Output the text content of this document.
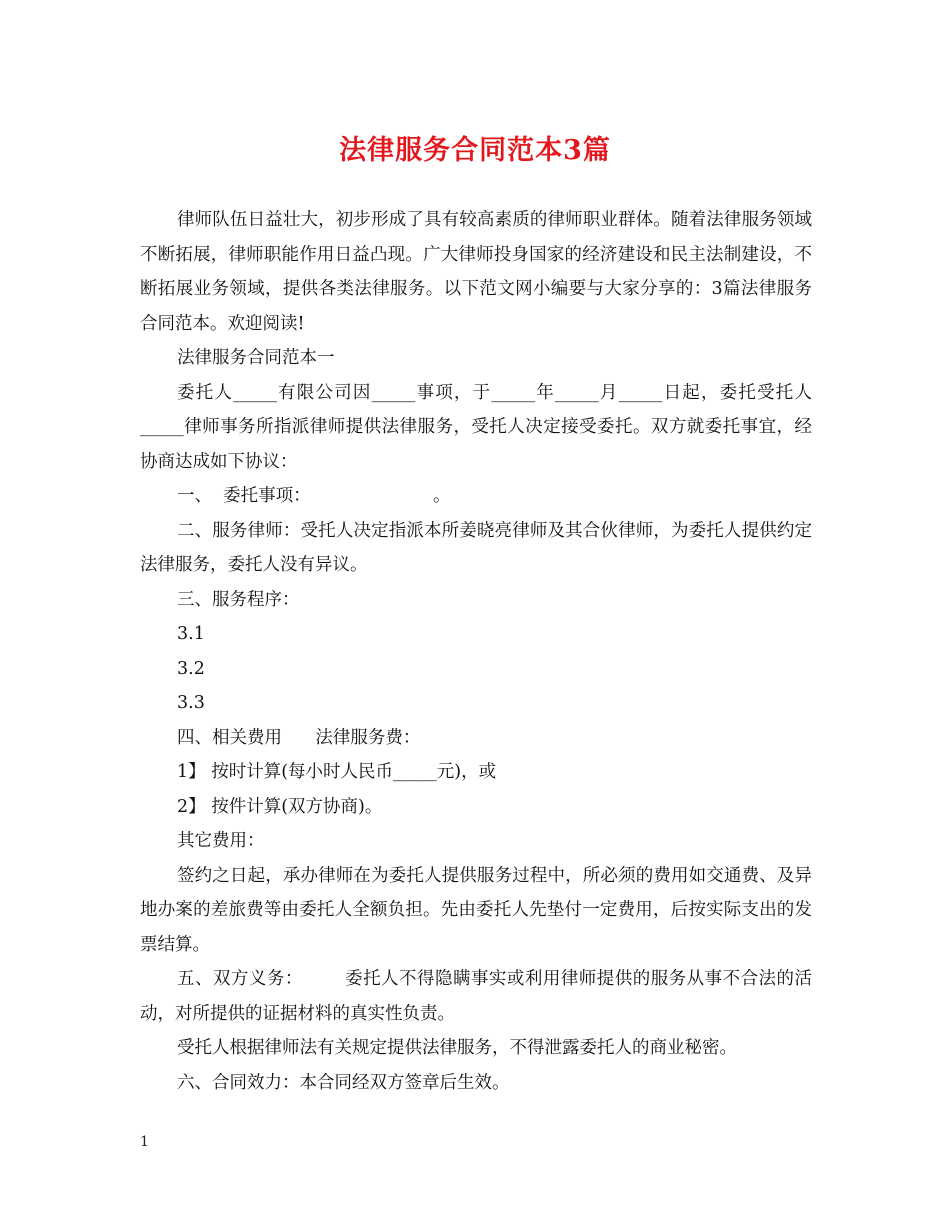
法律服务合同范本3篇

律师队伍日益壮大，初步形成了具有较高素质的律师职业群体。随着法律服务领域不断拓展，律师职能作用日益凸现。广大律师投身国家的经济建设和民主法制建设，不断拓展业务领域，提供各类法律服务。以下范文网小编要与大家分享的：3篇法律服务合同范本。欢迎阅读!

法律服务合同范本一

委托人_____有限公司因_____事项，于_____年_____月_____日起，委托受托人_____律师事务所指派律师提供法律服务，受托人决定接受委托。双方就委托事宜，经协商达成如下协议：

一、  委托事项：                      。

二、服务律师：受托人决定指派本所姜晓亮律师及其合伙律师，为委托人提供约定法律服务，委托人没有异议。

三、服务程序：

3.1

3.2

3.3

四、相关费用      法律服务费：

1】 按时计算(每小时人民币_____元)，或

2】 按件计算(双方协商)。

其它费用：

签约之日起，承办律师在为委托人提供服务过程中，所必须的费用如交通费、及异地办案的差旅费等由委托人全额负担。先由委托人先垫付一定费用，后按实际支出的发票结算。

五、双方义务：       委托人不得隐瞒事实或利用律师提供的服务从事不合法的活动，对所提供的证据材料的真实性负责。

受托人根据律师法有关规定提供法律服务，不得泄露委托人的商业秘密。

六、合同效力：本合同经双方签章后生效。

1
